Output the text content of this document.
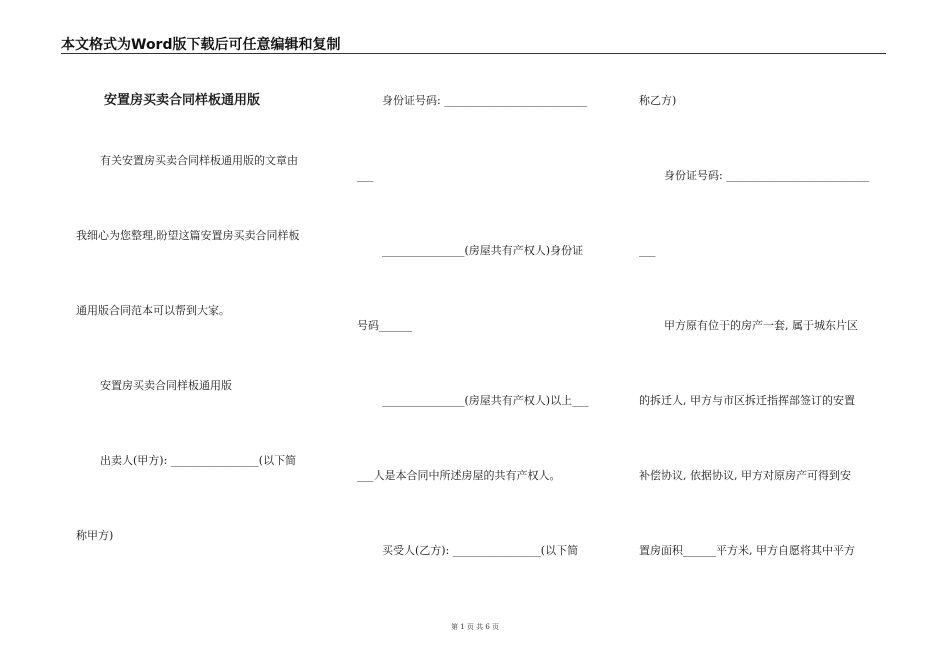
本文格式为Word版下载后可任意编辑和复制
安置房买卖合同样板通用版
有关安置房买卖合同样板通用版的文章由
我细心为您整理,盼望这篇安置房买卖合同样板
通用版合同范本可以帮到大家。
安置房买卖合同样板通用版
出卖人(甲方): ________________(以下简
称甲方)
身份证号码: __________________________
___
_______________(房屋共有产权人)身份证
号码______
_______________(房屋共有产权人)以上___
___人是本合同中所述房屋的共有产权人。
买受人(乙方): ________________(以下简
称乙方)
身份证号码: __________________________
___
甲方原有位于的房产一套, 属于城东片区
的拆迁人, 甲方与市区拆迁指挥部签订的安置
补偿协议, 依据协议, 甲方对原房产可得到安
置房面积______平方米, 甲方自愿将其中平方
第 1 页 共 6 页
